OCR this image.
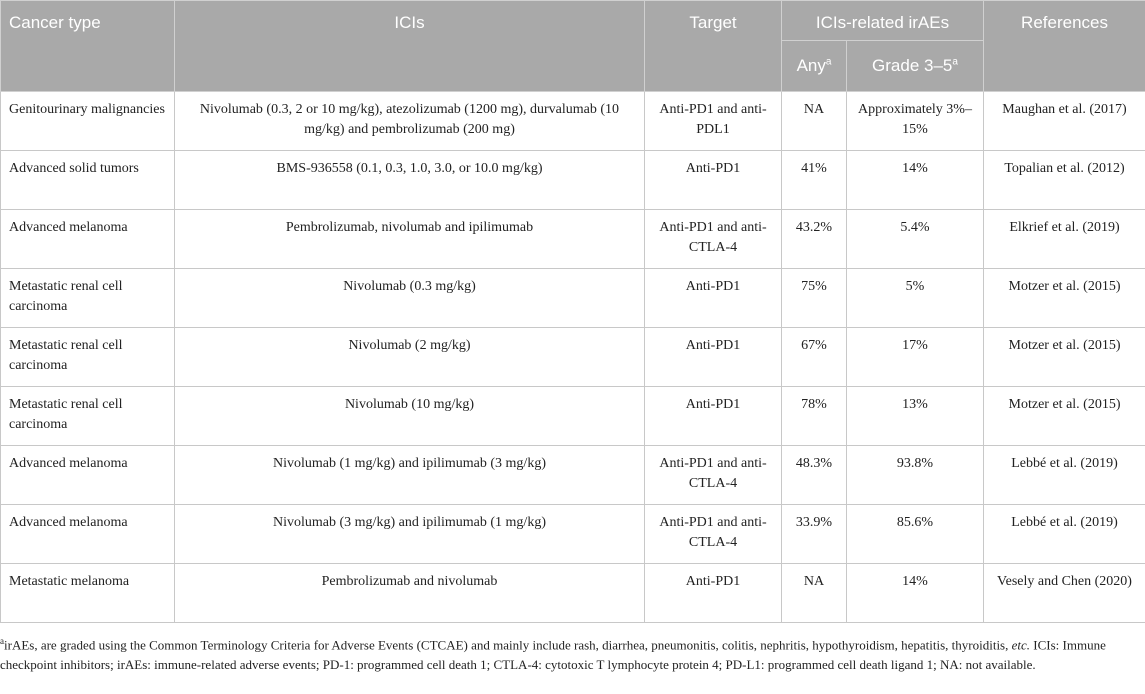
Cancer type	ICIs	Target	ICIs-related irAEs		References
			Any$^a$	Grade 3–5$^a$
Genitourinary malignancies	Nivolumab (0.3, 2 or 10 mg/kg), atezolizumab (1200 mg), durvalumab (10 mg/kg) and pembrolizumab (200 mg)	Anti-PD1 and anti-PDL1	NA	Approximately 3%–15%	Maughan et al. (2017)
Advanced solid tumors	BMS-936558 (0.1, 0.3, 1.0, 3.0, or 10.0 mg/kg)	Anti-PD1	41%	14%	Topalian et al. (2012)
Advanced melanoma	Pembrolizumab, nivolumab and ipilimumab	Anti-PD1 and anti-CTLA-4	43.2%	5.4%	Elkrief et al. (2019)
Metastatic renal cell carcinoma	Nivolumab (0.3 mg/kg)	Anti-PD1	75%	5%	Motzer et al. (2015)
Metastatic renal cell carcinoma	Nivolumab (2 mg/kg)	Anti-PD1	67%	17%	Motzer et al. (2015)
Metastatic renal cell carcinoma	Nivolumab (10 mg/kg)	Anti-PD1	78%	13%	Motzer et al. (2015)
Advanced melanoma	Nivolumab (1 mg/kg) and ipilimumab (3 mg/kg)	Anti-PD1 and anti-CTLA-4	48.3%	93.8%	Lebbé et al. (2019)
Advanced melanoma	Nivolumab (3 mg/kg) and ipilimumab (1 mg/kg)	Anti-PD1 and anti-CTLA-4	33.9%	85.6%	Lebbé et al. (2019)
Metastatic melanoma	Pembrolizumab and nivolumab	Anti-PD1	NA	14%	Vesely and Chen (2020)

$^a$irAEs, are graded using the Common Terminology Criteria for Adverse Events (CTCAE) and mainly include rash, diarrhea, pneumonitis, colitis, nephritis, hypothyroidism, hepatitis, thyroiditis, etc. ICIs: Immune checkpoint inhibitors; irAEs: immune-related adverse events; PD-1: programmed cell death 1; CTLA-4: cytotoxic T lymphocyte protein 4; PD-L1: programmed cell death ligand 1; NA: not available.
